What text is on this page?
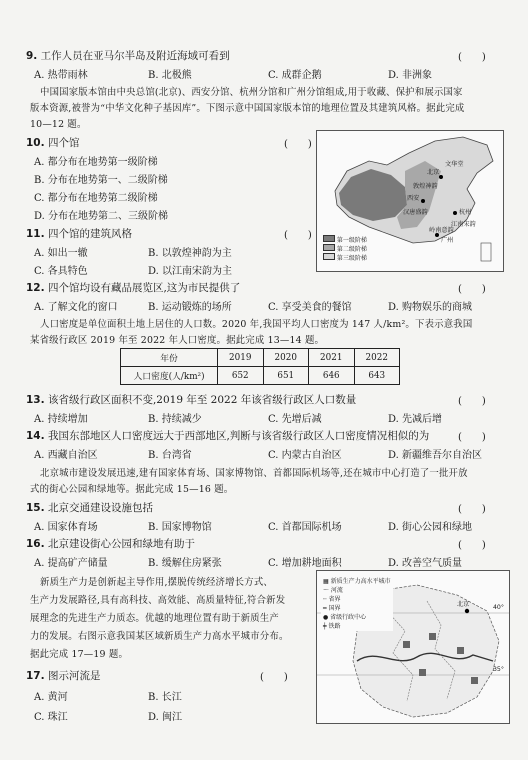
9. 工作人员在亚马尔半岛及附近海域可看到	(　　)
A. 热带雨林	B. 北极熊	C. 成群企鹅	D. 非洲象
中国国家版本馆由中央总馆(北京)、西安分馆、杭州分馆和广州分馆组成,用于收藏、保护和展示国家
版本资源,被誉为“中华文化种子基因库”。下图示意中国国家版本馆的地理位置及其建筑风格。据此完成
10—12 题。
10. 四个馆	(　　)
A. 都分布在地势第一级阶梯
B. 分布在地势第一、二级阶梯
C. 都分布在地势第二级阶梯
D. 分布在地势第二、三级阶梯
11. 四个馆的建筑风格	(　　)
A. 如出一辙	B. 以敦煌神韵为主
C. 各具特色	D. 以江南宋韵为主
北京
文华堂
西安
敦煌神韵
杭州
江南宋韵
岭南意韵
广州
汉唐盛韵
第一级阶梯
第二级阶梯
第三级阶梯
12. 四个馆均设有藏品展览区,这为市民提供了	(　　)
A. 了解文化的窗口	B. 运动锻炼的场所	C. 享受美食的餐馆	D. 购物娱乐的商城
人口密度是单位面积土地上居住的人口数。2020 年,我国平均人口密度为 147 人/km²。下表示意我国
某省级行政区 2019 年至 2022 年人口密度。据此完成 13—14 题。
年份	2019	2020	2021	2022
人口密度(人/km²)	652	651	646	643
13. 该省级行政区面积不变,2019 年至 2022 年该省级行政区人口数量	(　　)
A. 持续增加	B. 持续减少	C. 先增后减	D. 先减后增
14. 我国东部地区人口密度远大于西部地区,判断与该省级行政区人口密度情况相似的为	(　　)
A. 西藏自治区	B. 台湾省	C. 内蒙古自治区	D. 新疆维吾尔自治区
北京城市建设发展迅速,建有国家体育场、国家博物馆、首都国际机场等,还在城市中心打造了一批开放
式的街心公园和绿地等。据此完成 15—16 题。
15. 北京交通建设设施包括	(　　)
A. 国家体育场	B. 国家博物馆	C. 首都国际机场	D. 街心公园和绿地
16. 北京建设街心公园和绿地有助于	(　　)
A. 提高矿产储量	B. 缓解住房紧张	C. 增加耕地面积	D. 改善空气质量
新质生产力是创新起主导作用,摆脱传统经济增长方式、
生产力发展路径,具有高科技、高效能、高质量特征,符合新发
展理念的先进生产力质态。优越的地理位置有助于新质生产
力的发展。右图示意我国某区域新质生产力高水平城市分布。
据此完成 17—19 题。
北京	40°
35°
▦ 新质生产力高水平城市
～ 河流
┄ 省界
━ 国界
● 省级行政中心
╪ 铁路
17. 图示河流是	(　　)
A. 黄河	B. 长江
C. 珠江	D. 闽江
